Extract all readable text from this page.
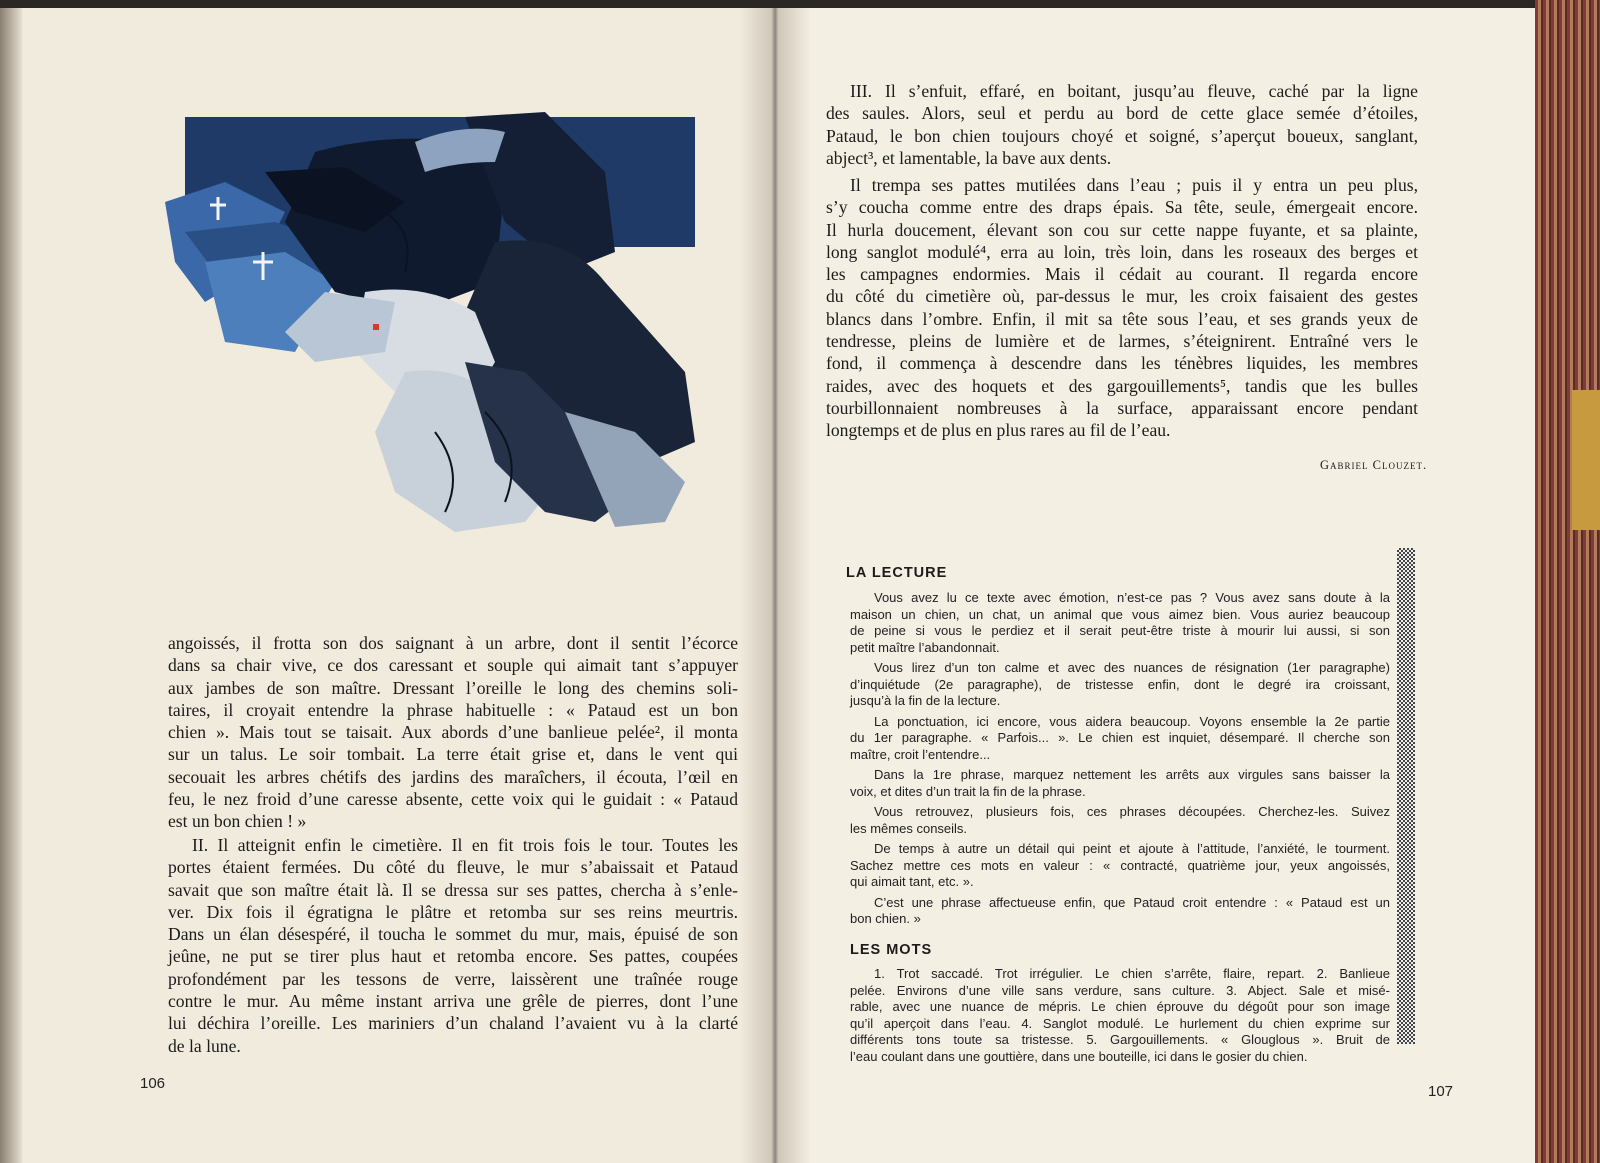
angoissés, il frotta son dos saignant à un arbre, dont il sentit l’écorce
dans sa chair vive, ce dos caressant et souple qui aimait tant s’appuyer
aux jambes de son maître. Dressant l’oreille le long des chemins soli-
taires, il croyait entendre la phrase habituelle : « Pataud est un bon
chien ». Mais tout se taisait. Aux abords d’une banlieue pelée², il monta
sur un talus. Le soir tombait. La terre était grise et, dans le vent qui
secouait les arbres chétifs des jardins des maraîchers, il écouta, l’œil en
feu, le nez froid d’une caresse absente, cette voix qui le guidait : « Pataud
est un bon chien ! »
II. Il atteignit enfin le cimetière. Il en fit trois fois le tour. Toutes les
portes étaient fermées. Du côté du fleuve, le mur s’abaissait et Pataud
savait que son maître était là. Il se dressa sur ses pattes, chercha à s’enle-
ver. Dix fois il égratigna le plâtre et retomba sur ses reins meurtris.
Dans un élan désespéré, il toucha le sommet du mur, mais, épuisé de son
jeûne, ne put se tirer plus haut et retomba encore. Ses pattes, coupées
profondément par les tessons de verre, laissèrent une traînée rouge
contre le mur. Au même instant arriva une grêle de pierres, dont l’une
lui déchira l’oreille. Les mariniers d’un chaland l’avaient vu à la clarté
de la lune.
106
III. Il s’enfuit, effaré, en boitant, jusqu’au fleuve, caché par la ligne
des saules. Alors, seul et perdu au bord de cette glace semée d’étoiles,
Pataud, le bon chien toujours choyé et soigné, s’aperçut boueux, sanglant,
abject³, et lamentable, la bave aux dents.
Il trempa ses pattes mutilées dans l’eau ; puis il y entra un peu plus,
s’y coucha comme entre des draps épais. Sa tête, seule, émergeait encore.
Il hurla doucement, élevant son cou sur cette nappe fuyante, et sa plainte,
long sanglot modulé⁴, erra au loin, très loin, dans les roseaux des berges et
les campagnes endormies. Mais il cédait au courant. Il regarda encore
du côté du cimetière où, par-dessus le mur, les croix faisaient des gestes
blancs dans l’ombre. Enfin, il mit sa tête sous l’eau, et ses grands yeux de
tendresse, pleins de lumière et de larmes, s’éteignirent. Entraîné vers le
fond, il commença à descendre dans les ténèbres liquides, les membres
raides, avec des hoquets et des gargouillements⁵, tandis que les bulles
tourbillonnaient nombreuses à la surface, apparaissant encore pendant
longtemps et de plus en plus rares au fil de l’eau.
Gabriel Clouzet.
LA LECTURE

Vous avez lu ce texte avec émotion, n’est-ce pas ? Vous avez sans doute à la
maison un chien, un chat, un animal que vous aimez bien. Vous auriez beaucoup
de peine si vous le perdiez et il serait peut-être triste à mourir lui aussi, si son
petit maître l’abandonnait.

Vous lirez d’un ton calme et avec des nuances de résignation (1er paragraphe)
d’inquiétude (2e paragraphe), de tristesse enfin, dont le degré ira croissant,
jusqu’à la fin de la lecture.

La ponctuation, ici encore, vous aidera beaucoup. Voyons ensemble la 2e partie
du 1er paragraphe. « Parfois... ». Le chien est inquiet, désemparé. Il cherche son
maître, croit l’entendre...

Dans la 1re phrase, marquez nettement les arrêts aux virgules sans baisser la
voix, et dites d’un trait la fin de la phrase.

Vous retrouvez, plusieurs fois, ces phrases découpées. Cherchez-les. Suivez
les mêmes conseils.

De temps à autre un détail qui peint et ajoute à l’attitude, l’anxiété, le tourment.
Sachez mettre ces mots en valeur : « contracté, quatrième jour, yeux angoissés,
qui aimait tant, etc. ».

C’est une phrase affectueuse enfin, que Pataud croit entendre : « Pataud est un
bon chien. »

LES MOTS
1. Trot saccadé. Trot irrégulier. Le chien s’arrête, flaire, repart. 2. Banlieue
pelée. Environs d’une ville sans verdure, sans culture. 3. Abject. Sale et misé-
rable, avec une nuance de mépris. Le chien éprouve du dégoût pour son image
qu’il aperçoit dans l’eau. 4. Sanglot modulé. Le hurlement du chien exprime sur
différents tons toute sa tristesse. 5. Gargouillements. « Glouglous ». Bruit de
l’eau coulant dans une gouttière, dans une bouteille, ici dans le gosier du chien.
107
